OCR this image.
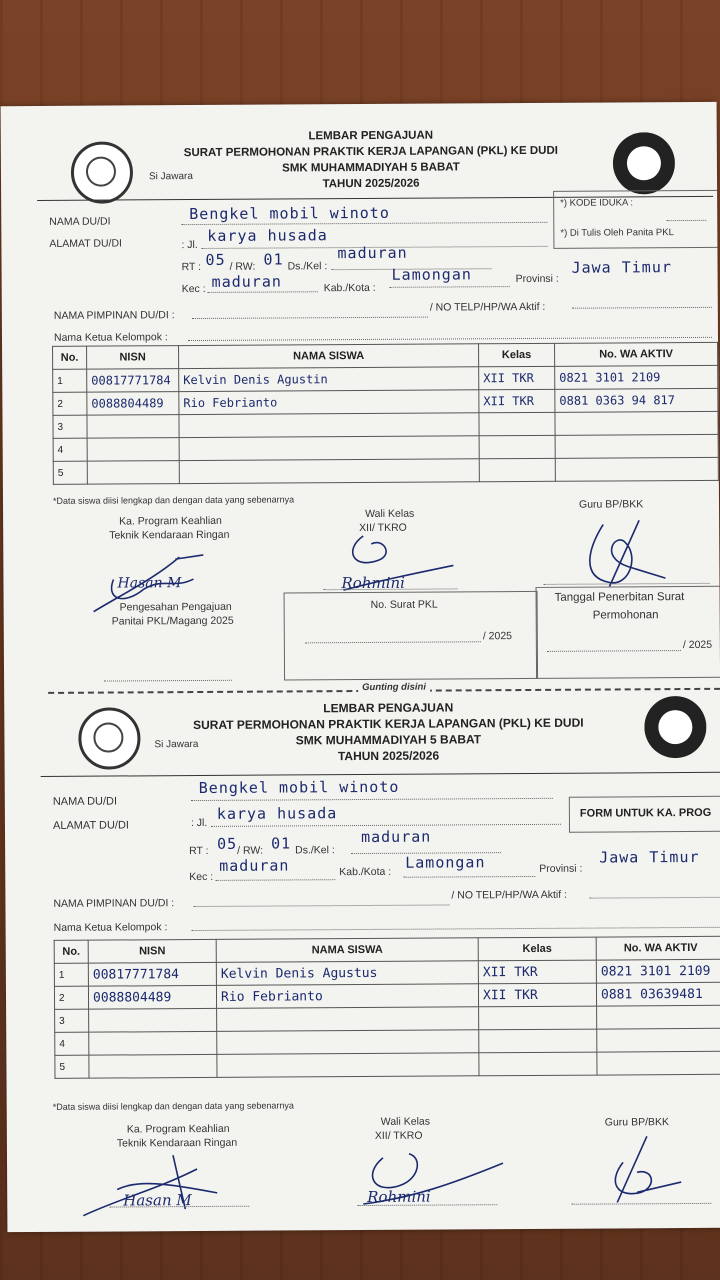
Si Jawara
LEMBAR PENGAJUAN
SURAT PERMOHONAN PRAKTIK KERJA LAPANGAN (PKL) KE DUDI
SMK MUHAMMADIYAH 5 BABAT
TAHUN 2025/2026
NAMA DU/DI	Bengkel mobil winoto
ALAMAT DU/DI	: Jl.
karya husada
*) KODE IDUKA :
*) Di Tulis Oleh Panita PKL
RT : 05 / RW: 01 Ds./Kel :
maduran
Kec : maduran	Kab./Kota :
Lamongan	Provinsi :
Jawa Timur
NAMA PIMPINAN DU/DI :
/ NO TELP/HP/WA Aktif :
Nama Ketua Kelompok :
No.	NISN	NAMA SISWA	Kelas	No. WA AKTIV
1	00817771784	Kelvin Denis Agustin	XII TKR	0821 3101 2109
2	0088804489	Rio Febrianto	XII TKR	0881 0363 94 817
3				
4				
5				
*Data siswa diisi lengkap dan dengan data yang sebenarnya
Ka. Program Keahlian
Teknik Kendaraan Ringan
Wali Kelas
XII/ TKRO
Guru BP/BKK
Hasan M	Rohmini
Pengesahan Pengajuan
Panitai PKL/Magang 2025
No. Surat PKL
/ 2025
Tanggal Penerbitan Surat
Permohonan
/ 2025
Gunting disini
Si Jawara
LEMBAR PENGAJUAN
SURAT PERMOHONAN PRAKTIK KERJA LAPANGAN (PKL) KE DUDI
SMK MUHAMMADIYAH 5 BABAT
TAHUN 2025/2026
NAMA DU/DI
Bengkel mobil winoto
ALAMAT DU/DI	: Jl.
karya husada	FORM UNTUK KA. PROG
RT : 05 / RW: 01 Ds./Kel :
maduran
Kec :
maduran	Kab./Kota :
Lamongan	Provinsi :
Jawa Timur
NAMA PIMPINAN DU/DI :
/ NO TELP/HP/WA Aktif :
Nama Ketua Kelompok :
No.	NISN	NAMA SISWA	Kelas	No. WA AKTIV
1	00817771784	Kelvin Denis Agustus	XII TKR	0821 3101 2109
2	0088804489	Rio Febrianto	XII TKR	0881 03639481
3				
4				
5				
*Data siswa diisi lengkap dan dengan data yang sebenarnya
Ka. Program Keahlian
Teknik Kendaraan Ringan
Wali Kelas
XII/ TKRO
Guru BP/BKK
Hasan M	Rohmini
